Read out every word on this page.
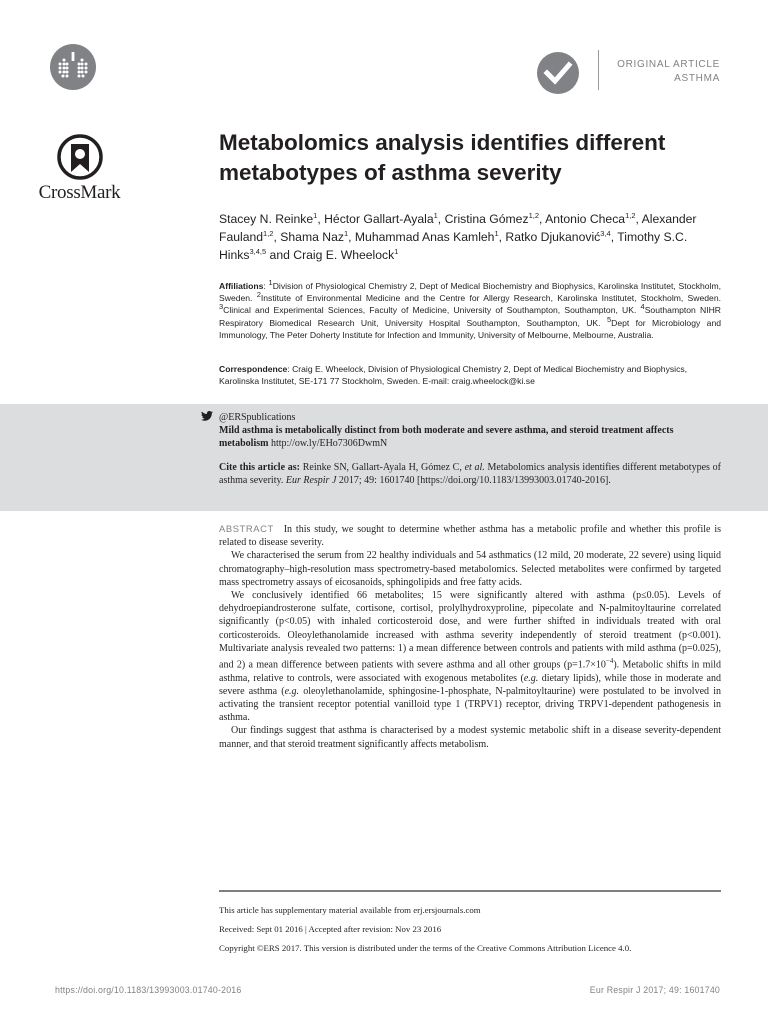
CrossMark
ORIGINAL ARTICLE
ASTHMA
Metabolomics analysis identifies different metabotypes of asthma severity
Stacey N. Reinke$^1$, Héctor Gallart-Ayala$^1$, Cristina Gómez$^{1,2}$, Antonio Checa$^{1,2}$, Alexander Fauland$^{1,2}$, Shama Naz$^1$, Muhammad Anas Kamleh$^1$, Ratko Djukanović$^{3,4}$, Timothy S.C. Hinks$^{3,4,5}$ and Craig E. Wheelock$^1$
Affiliations: $^1$Division of Physiological Chemistry 2, Dept of Medical Biochemistry and Biophysics, Karolinska Institutet, Stockholm, Sweden. $^2$Institute of Environmental Medicine and the Centre for Allergy Research, Karolinska Institutet, Stockholm, Sweden. $^3$Clinical and Experimental Sciences, Faculty of Medicine, University of Southampton, Southampton, UK. $^4$Southampton NIHR Respiratory Biomedical Research Unit, University Hospital Southampton, Southampton, UK. $^5$Dept for Microbiology and Immunology, The Peter Doherty Institute for Infection and Immunity, University of Melbourne, Melbourne, Australia.
Correspondence: Craig E. Wheelock, Division of Physiological Chemistry 2, Dept of Medical Biochemistry and Biophysics, Karolinska Institutet, SE-171 77 Stockholm, Sweden. E-mail: craig.wheelock@ki.se
@ERSpublications
Mild asthma is metabolically distinct from both moderate and severe asthma, and steroid treatment affects metabolism http://ow.ly/EHo7306DwmN
Cite this article as: Reinke SN, Gallart-Ayala H, Gómez C, et al. Metabolomics analysis identifies different metabotypes of asthma severity. Eur Respir J 2017; 49: 1601740 [https://doi.org/10.1183/13993003.01740-2016].

ABSTRACT In this study, we sought to determine whether asthma has a metabolic profile and whether this profile is related to disease severity.

We characterised the serum from 22 healthy individuals and 54 asthmatics (12 mild, 20 moderate, 22 severe) using liquid chromatography–high-resolution mass spectrometry-based metabolomics. Selected metabolites were confirmed by targeted mass spectrometry assays of eicosanoids, sphingolipids and free fatty acids.

We conclusively identified 66 metabolites; 15 were significantly altered with asthma (p≤0.05). Levels of dehydroepiandrosterone sulfate, cortisone, cortisol, prolylhydroxyproline, pipecolate and N-palmitoyltaurine correlated significantly (p<0.05) with inhaled corticosteroid dose, and were further shifted in individuals treated with oral corticosteroids. Oleoylethanolamide increased with asthma severity independently of steroid treatment (p<0.001). Multivariate analysis revealed two patterns: 1) a mean difference between controls and patients with mild asthma (p=0.025), and 2) a mean difference between patients with severe asthma and all other groups $(p=1.7\times 10^{-4})$. Metabolic shifts in mild asthma, relative to controls, were associated with exogenous metabolites (e.g. dietary lipids), while those in moderate and severe asthma (e.g. oleoylethanolamide, sphingosine-1-phosphate, N-palmitoyltaurine) were postulated to be involved in activating the transient receptor potential vanilloid type 1 (TRPV1) receptor, driving TRPV1-dependent pathogenesis in asthma.

Our findings suggest that asthma is characterised by a modest systemic metabolic shift in a disease severity-dependent manner, and that steroid treatment significantly affects metabolism.

This article has supplementary material available from erj.ersjournals.com
Received: Sept 01 2016 | Accepted after revision: Nov 23 2016
Copyright ©ERS 2017. This version is distributed under the terms of the Creative Commons Attribution Licence 4.0.
https://doi.org/10.1183/13993003.01740-2016	Eur Respir J 2017; 49: 1601740
